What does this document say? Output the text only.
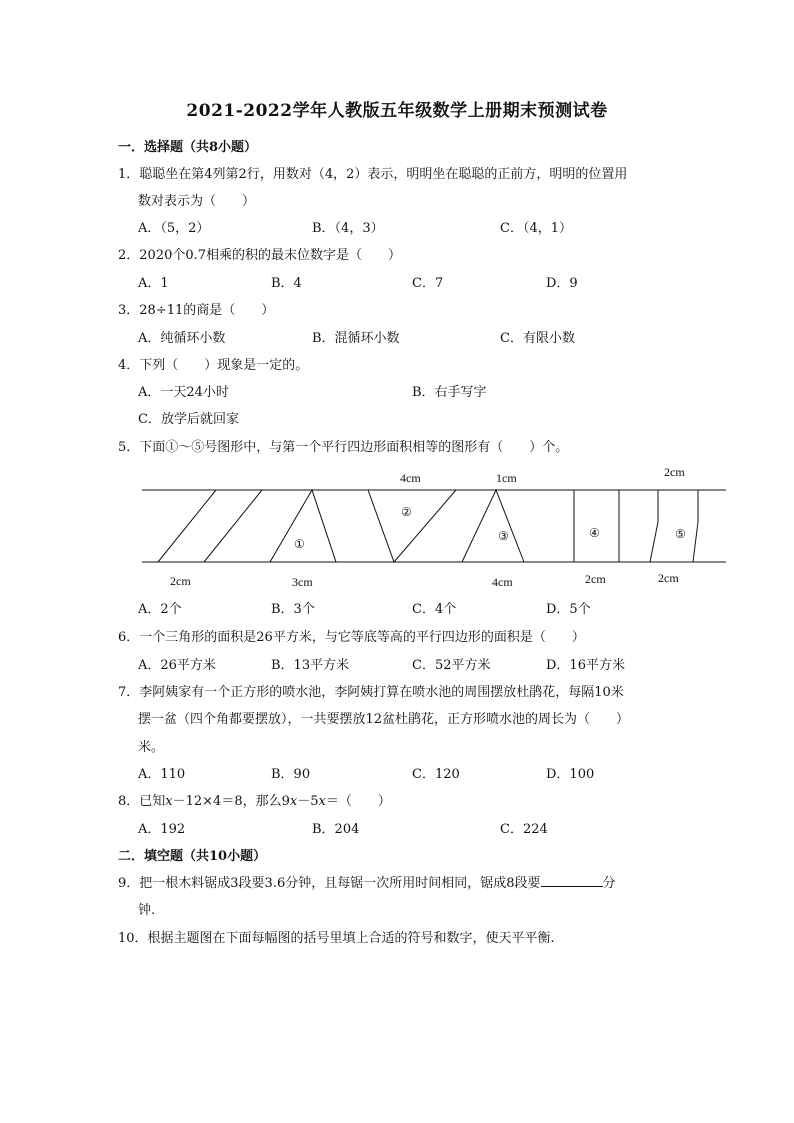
2021-2022学年人教版五年级数学上册期末预测试卷
一．选择题（共8小题）
1．聪聪坐在第4列第2行，用数对（4，2）表示，明明坐在聪聪的正前方，明明的位置用
数对表示为（　　）
A．（5，2）	B．（4，3）	C．（4，1）
2．2020个0.7相乘的积的最末位数字是（　　）
A．1	B．4	C．7	D．9
3．28÷11的商是（　　）
A．纯循环小数	B．混循环小数	C．有限小数
4．下列（　　）现象是一定的。
A．一天24小时	B．右手写字
C．放学后就回家
5．下面①～⑤号图形中，与第一个平行四边形面积相等的图形有（　　）个。
4cm	1cm	2cm
2cm	3cm	4cm	2cm	2cm
①
②
③	④	⑤
A．2个	B．3个	C．4个	D．5个
6．一个三角形的面积是26平方米，与它等底等高的平行四边形的面积是（　　）
A．26平方米	B．13平方米	C．52平方米	D．16平方米
7．李阿姨家有一个正方形的喷水池，李阿姨打算在喷水池的周围摆放杜鹃花，每隔10米
摆一盆（四个角都要摆放），一共要摆放12盆杜鹃花，正方形喷水池的周长为（　　）
米。
A．110	B．90	C．120	D．100
8．已知x－12×4＝8，那么9x－5x＝（　　）
A．192	B．204	C．224
二．填空题（共10小题）
9．把一根木料锯成3段要3.6分钟，且每锯一次所用时间相同，锯成8段要	分
钟.
10．根据主题图在下面每幅图的括号里填上合适的符号和数字，使天平平衡.
